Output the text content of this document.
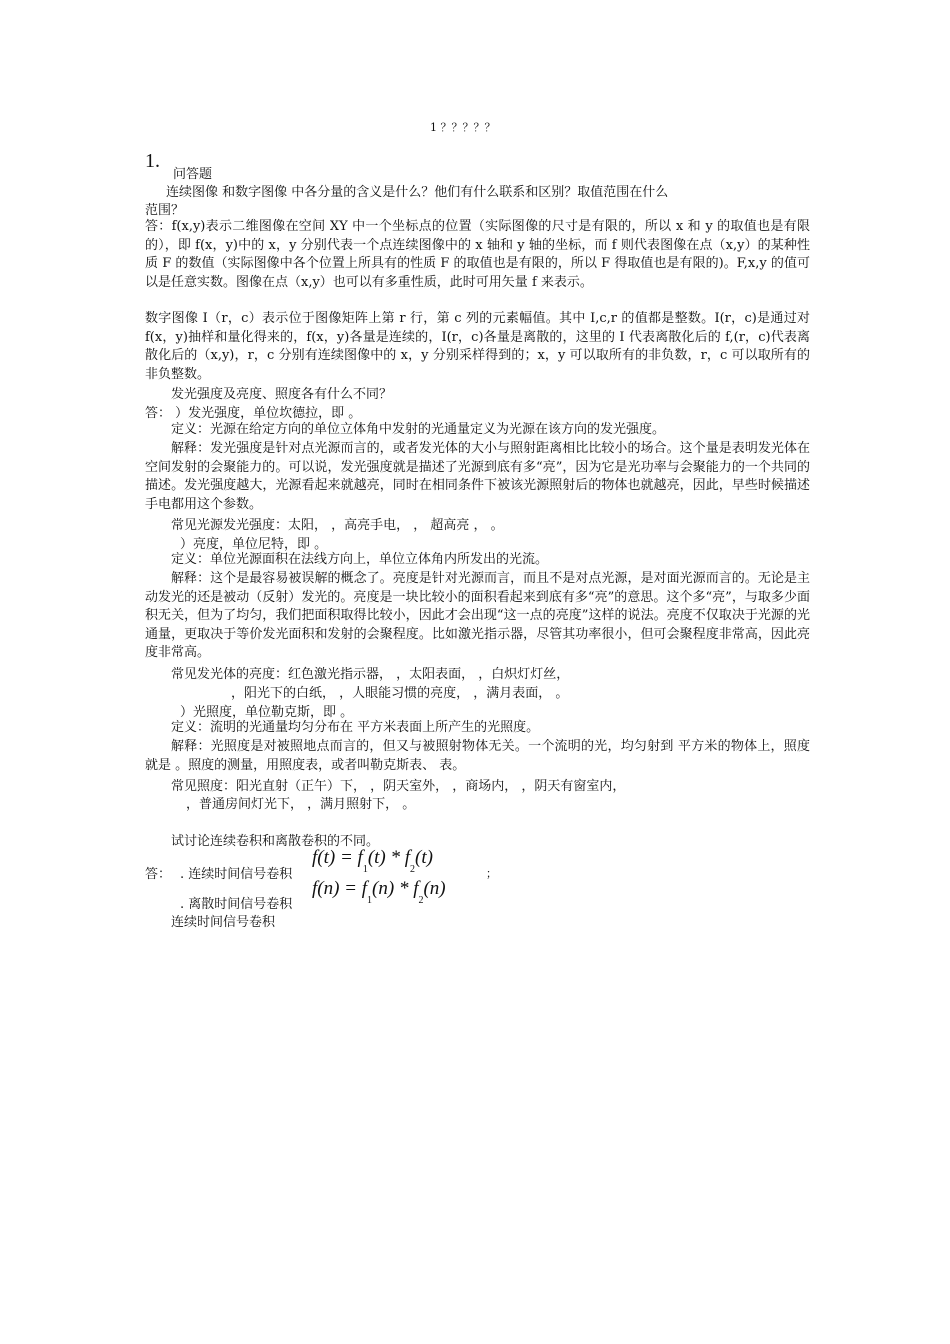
1 ？？？？？
1.
问答题
连续图像 和数字图像 中各分量的含义是什么？他们有什么联系和区别？取值范围在什么
范围？
答：f(x,y)表示二维图像在空间 XY 中一个坐标点的位置（实际图像的尺寸是有限的，所以 x 和 y 的取值也是有限的），即 f(x，y)中的 x，y 分别代表一个点连续图像中的 x 轴和 y 轴的坐标，而 f 则代表图像在点（x,y）的某种性质 F 的数值（实际图像中各个位置上所具有的性质 F 的取值也是有限的，所以 F 得取值也是有限的)。F,x,y 的值可以是任意实数。图像在点（x,y）也可以有多重性质，此时可用矢量 f 来表示。
数字图像 I（r，c）表示位于图像矩阵上第 r 行，第 c 列的元素幅值。其中 I,c,r 的值都是整数。I(r，c)是通过对 f(x，y)抽样和量化得来的，f(x，y)各量是连续的，I(r，c)各量是离散的，这里的 I 代表离散化后的 f,(r，c)代表离散化后的（x,y)，r，c 分别有连续图像中的 x，y 分别采样得到的；x，y 可以取所有的非负数，r，c 可以取所有的非负整数。
发光强度及亮度、照度各有什么不同？
答： ）发光强度，单位坎德拉，即 。
定义：光源在给定方向的单位立体角中发射的光通量定义为光源在该方向的发光强度。
解释：发光强度是针对点光源而言的，或者发光体的大小与照射距离相比比较小的场合。这个量是表明发光体在空间发射的会聚能力的。可以说，发光强度就是描述了光源到底有多“亮”，因为它是光功率与会聚能力的一个共同的描述。发光强度越大，光源看起来就越亮，同时在相同条件下被该光源照射后的物体也就越亮，因此，早些时候描述手电都用这个参数。
常见光源发光强度：太阳， ，高亮手电， ， 超高亮 ， 。
）亮度，单位尼特，即 。
定义：单位光源面积在法线方向上，单位立体角内所发出的光流。
解释：这个是最容易被误解的概念了。亮度是针对光源而言，而且不是对点光源，是对面光源而言的。无论是主动发光的还是被动（反射）发光的。亮度是一块比较小的面积看起来到底有多“亮”的意思。这个多“亮”，与取多少面积无关，但为了均匀，我们把面积取得比较小，因此才会出现“这一点的亮度”这样的说法。亮度不仅取决于光源的光通量，更取决于等价发光面积和发射的会聚程度。比如激光指示器，尽管其功率很小，但可会聚程度非常高，因此亮度非常高。
常见发光体的亮度：红色激光指示器， ，太阳表面， ，白炽灯灯丝，
，阳光下的白纸， ，人眼能习惯的亮度， ，满月表面， 。
）光照度，单位勒克斯，即 。
定义：流明的光通量均匀分布在 平方米表面上所产生的光照度。
解释：光照度是对被照地点而言的，但又与被照射物体无关。一个流明的光，均匀射到 平方米的物体上，照度就是 。照度的测量，用照度表，或者叫勒克斯表、 表。
常见照度：阳光直射（正午）下， ，阴天室外， ，商场内， ，阴天有窗室内，
，普通房间灯光下， ，满月照射下， 。
试讨论连续卷积和离散卷积的不同。
答： . 连续时间信号卷积
$f(t) = f_1(t) * f_2(t)$
；
. 离散时间信号卷积
$f(n) = f_1(n) * f_2(n)$
连续时间信号卷积
